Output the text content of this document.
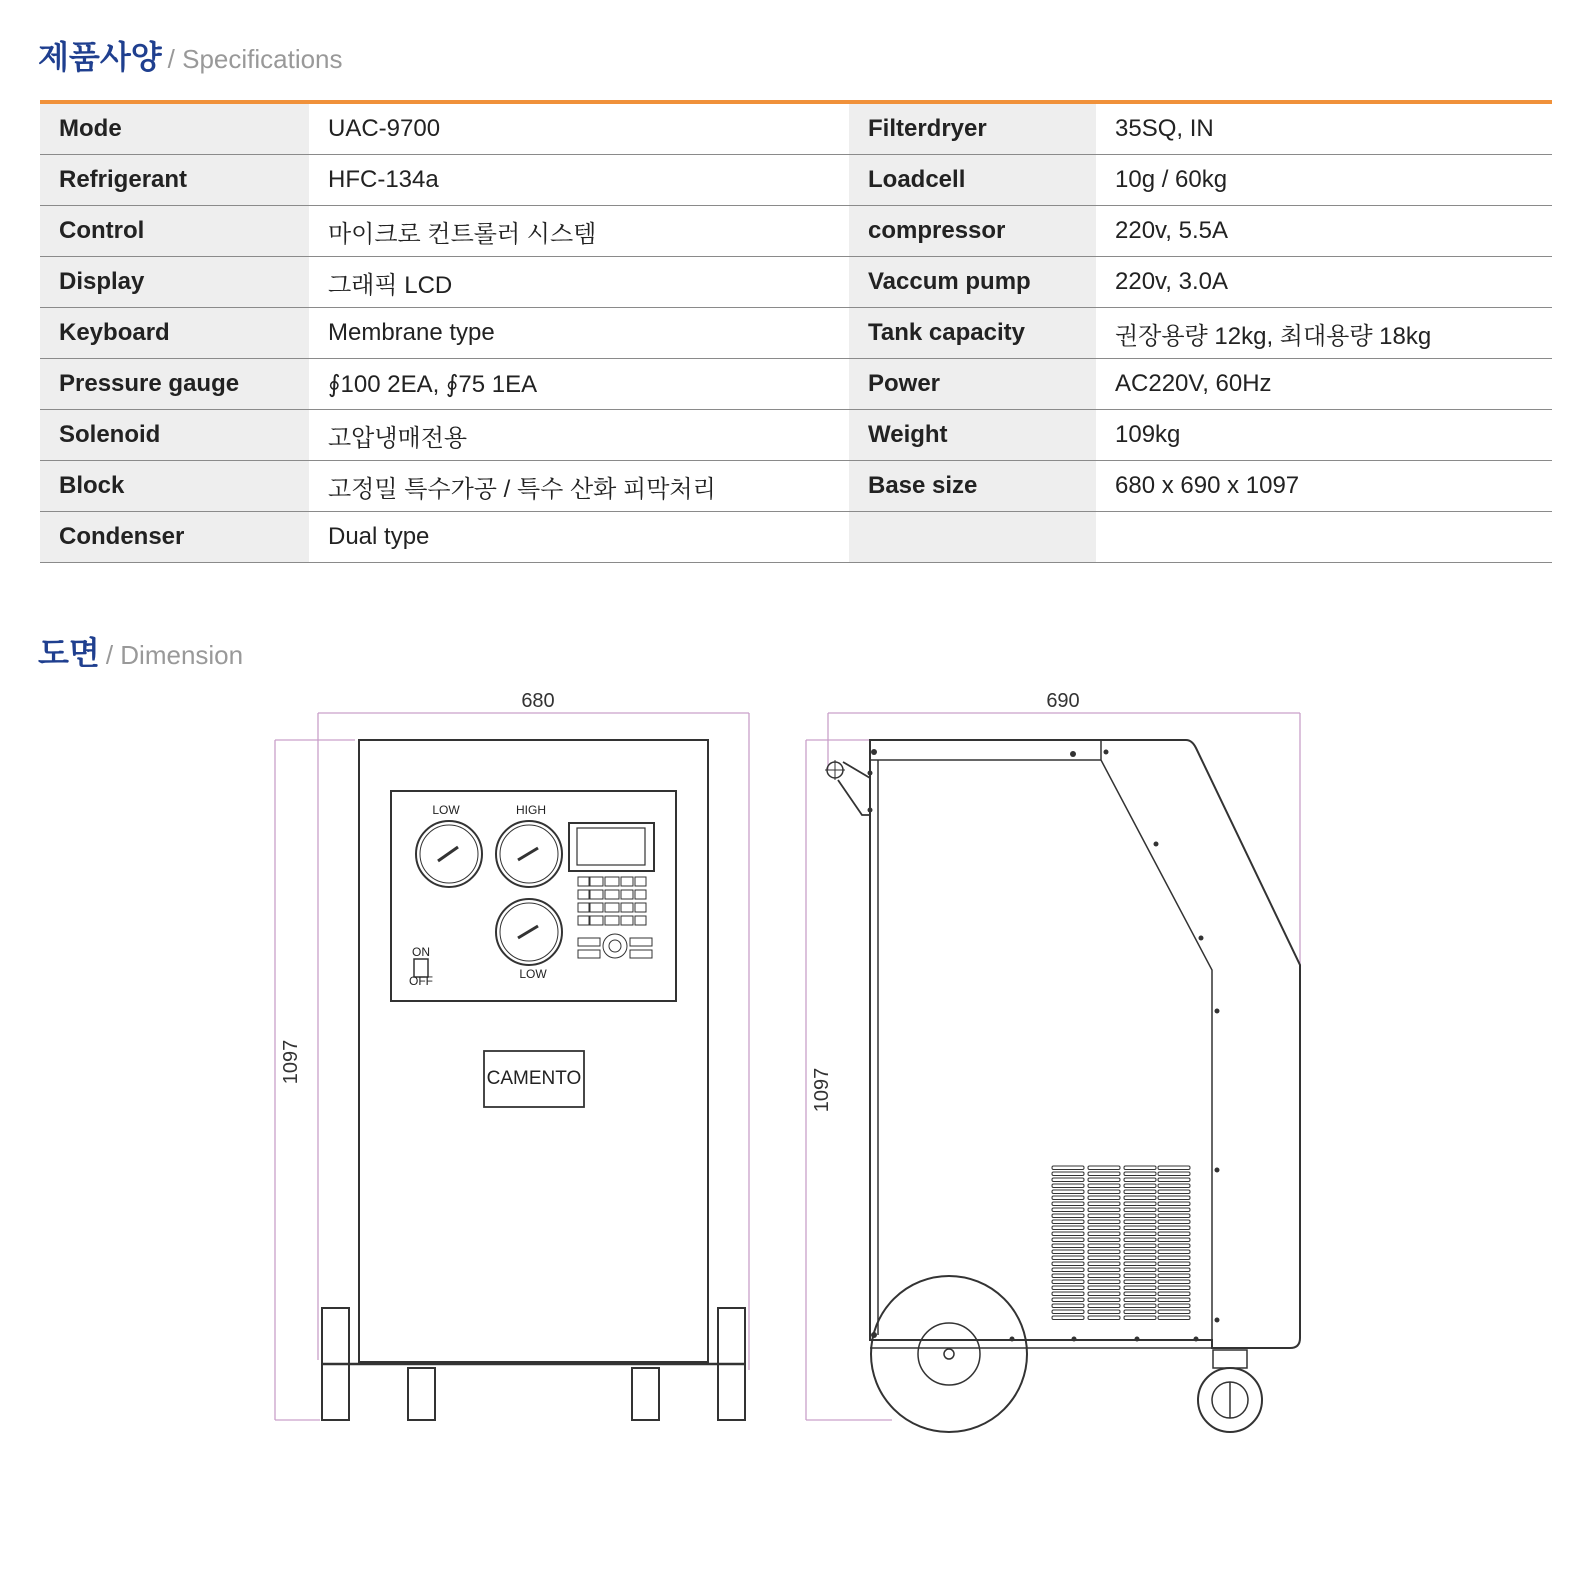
제품사양 / Specifications
Mode	UAC-9700	Filterdryer	35SQ, IN
Refrigerant	HFC-134a	Loadcell	10g / 60kg
Control	마이크로 컨트롤러 시스템	compressor	220v, 5.5A
Display	그래픽 LCD	Vaccum pump	220v, 3.0A
Keyboard	Membrane type	Tank capacity	권장용량 12kg, 최대용량 18kg
Pressure gauge	∮100 2EA, ∮75 1EA	Power	AC220V, 60Hz
Solenoid	고압냉매전용	Weight	109kg
Block	고정밀 특수가공 / 특수 산화 피막처리	Base size	680 x 690 x 1097
Condenser	Dual type		
도면 / Dimension
680	690
1097
1097
LOW	HIGH
LOW
ON
OFF
CAMENTO
